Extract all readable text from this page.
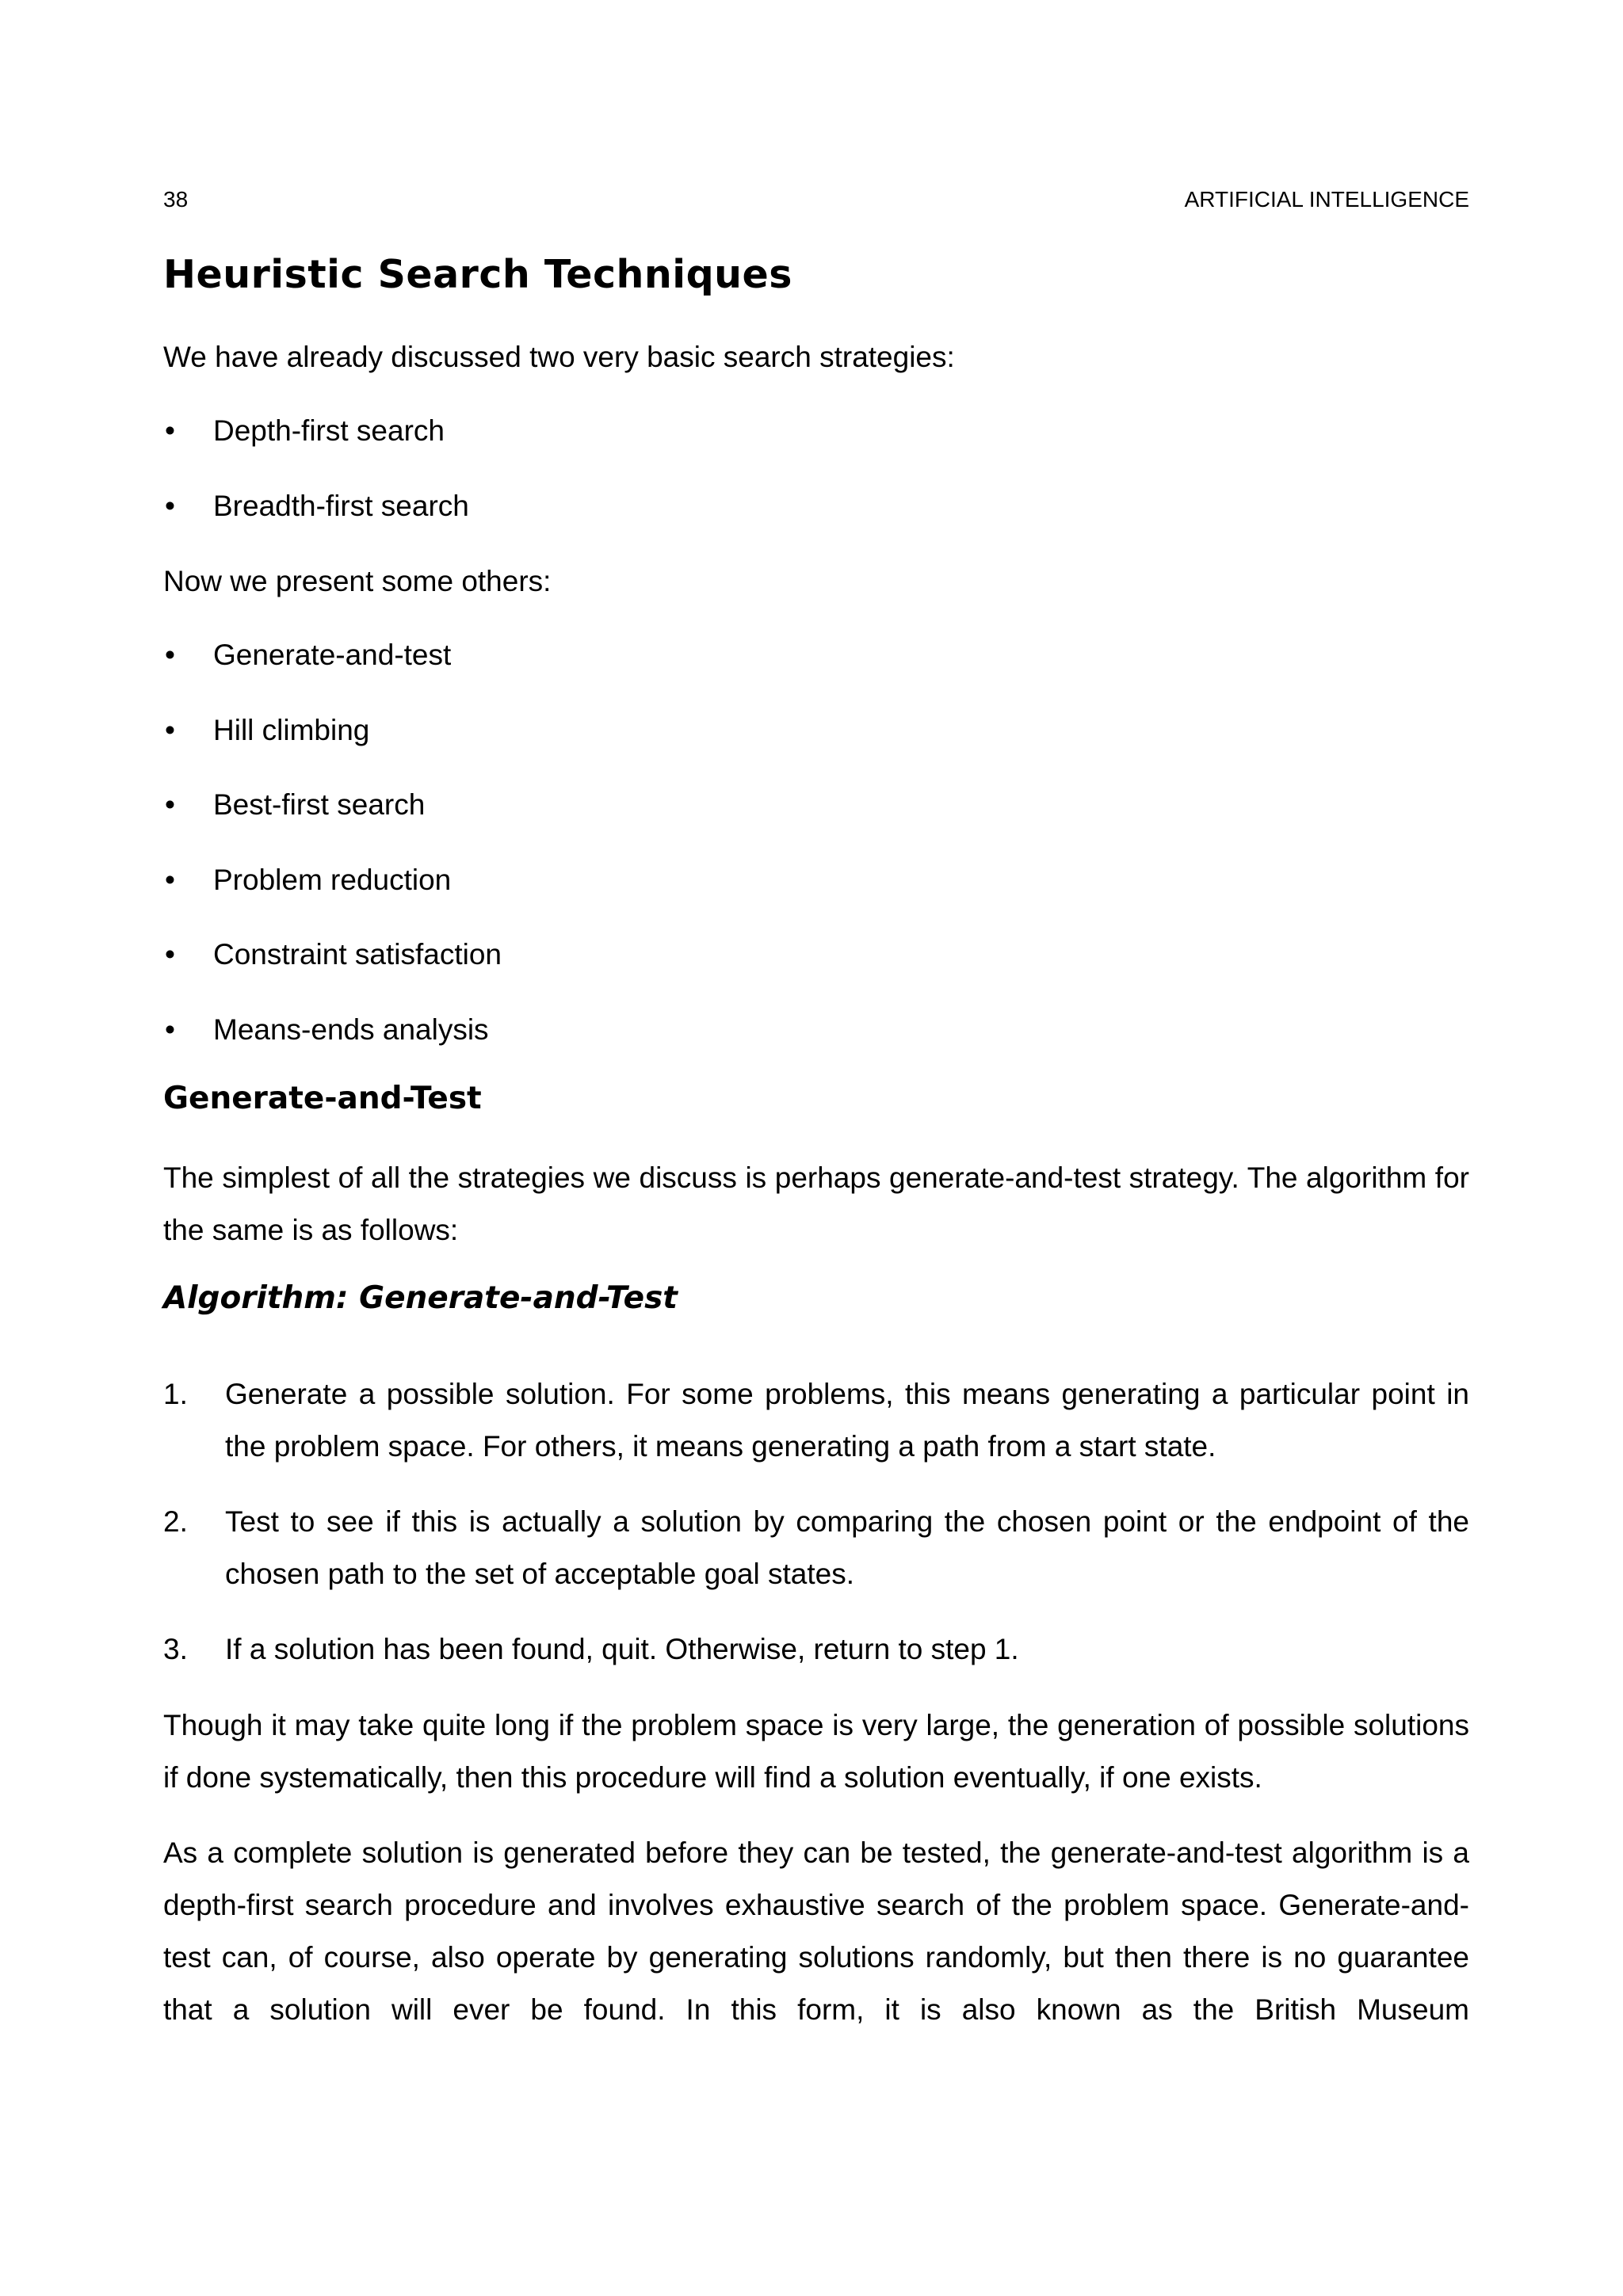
38	ARTIFICIAL INTELLIGENCE
Heuristic Search Techniques
We have already discussed two very basic search strategies:
• Depth-first search
• Breadth-first search
Now we present some others:
• Generate-and-test
• Hill climbing
• Best-first search
• Problem reduction
• Constraint satisfaction
• Means-ends analysis
Generate-and-Test
The simplest of all the strategies we discuss is perhaps generate-and-test strategy. The algorithm for the same is as follows:
Algorithm: Generate-and-Test
1. Generate a possible solution. For some problems, this means generating a particular point in the problem space. For others, it means generating a path from a start state.
2. Test to see if this is actually a solution by comparing the chosen point or the endpoint of the chosen path to the set of acceptable goal states.
3. If a solution has been found, quit. Otherwise, return to step 1.
Though it may take quite long if the problem space is very large, the generation of possible solutions if done systematically, then this procedure will find a solution eventually, if one exists.
As a complete solution is generated before they can be tested, the generate-and-test algorithm is a depth-first search procedure and involves exhaustive search of the problem space. Generate-and-test can, of course, also operate by generating solutions randomly, but then there is no guarantee that a solution will ever be found. In this form, it is also known as the British Museum
